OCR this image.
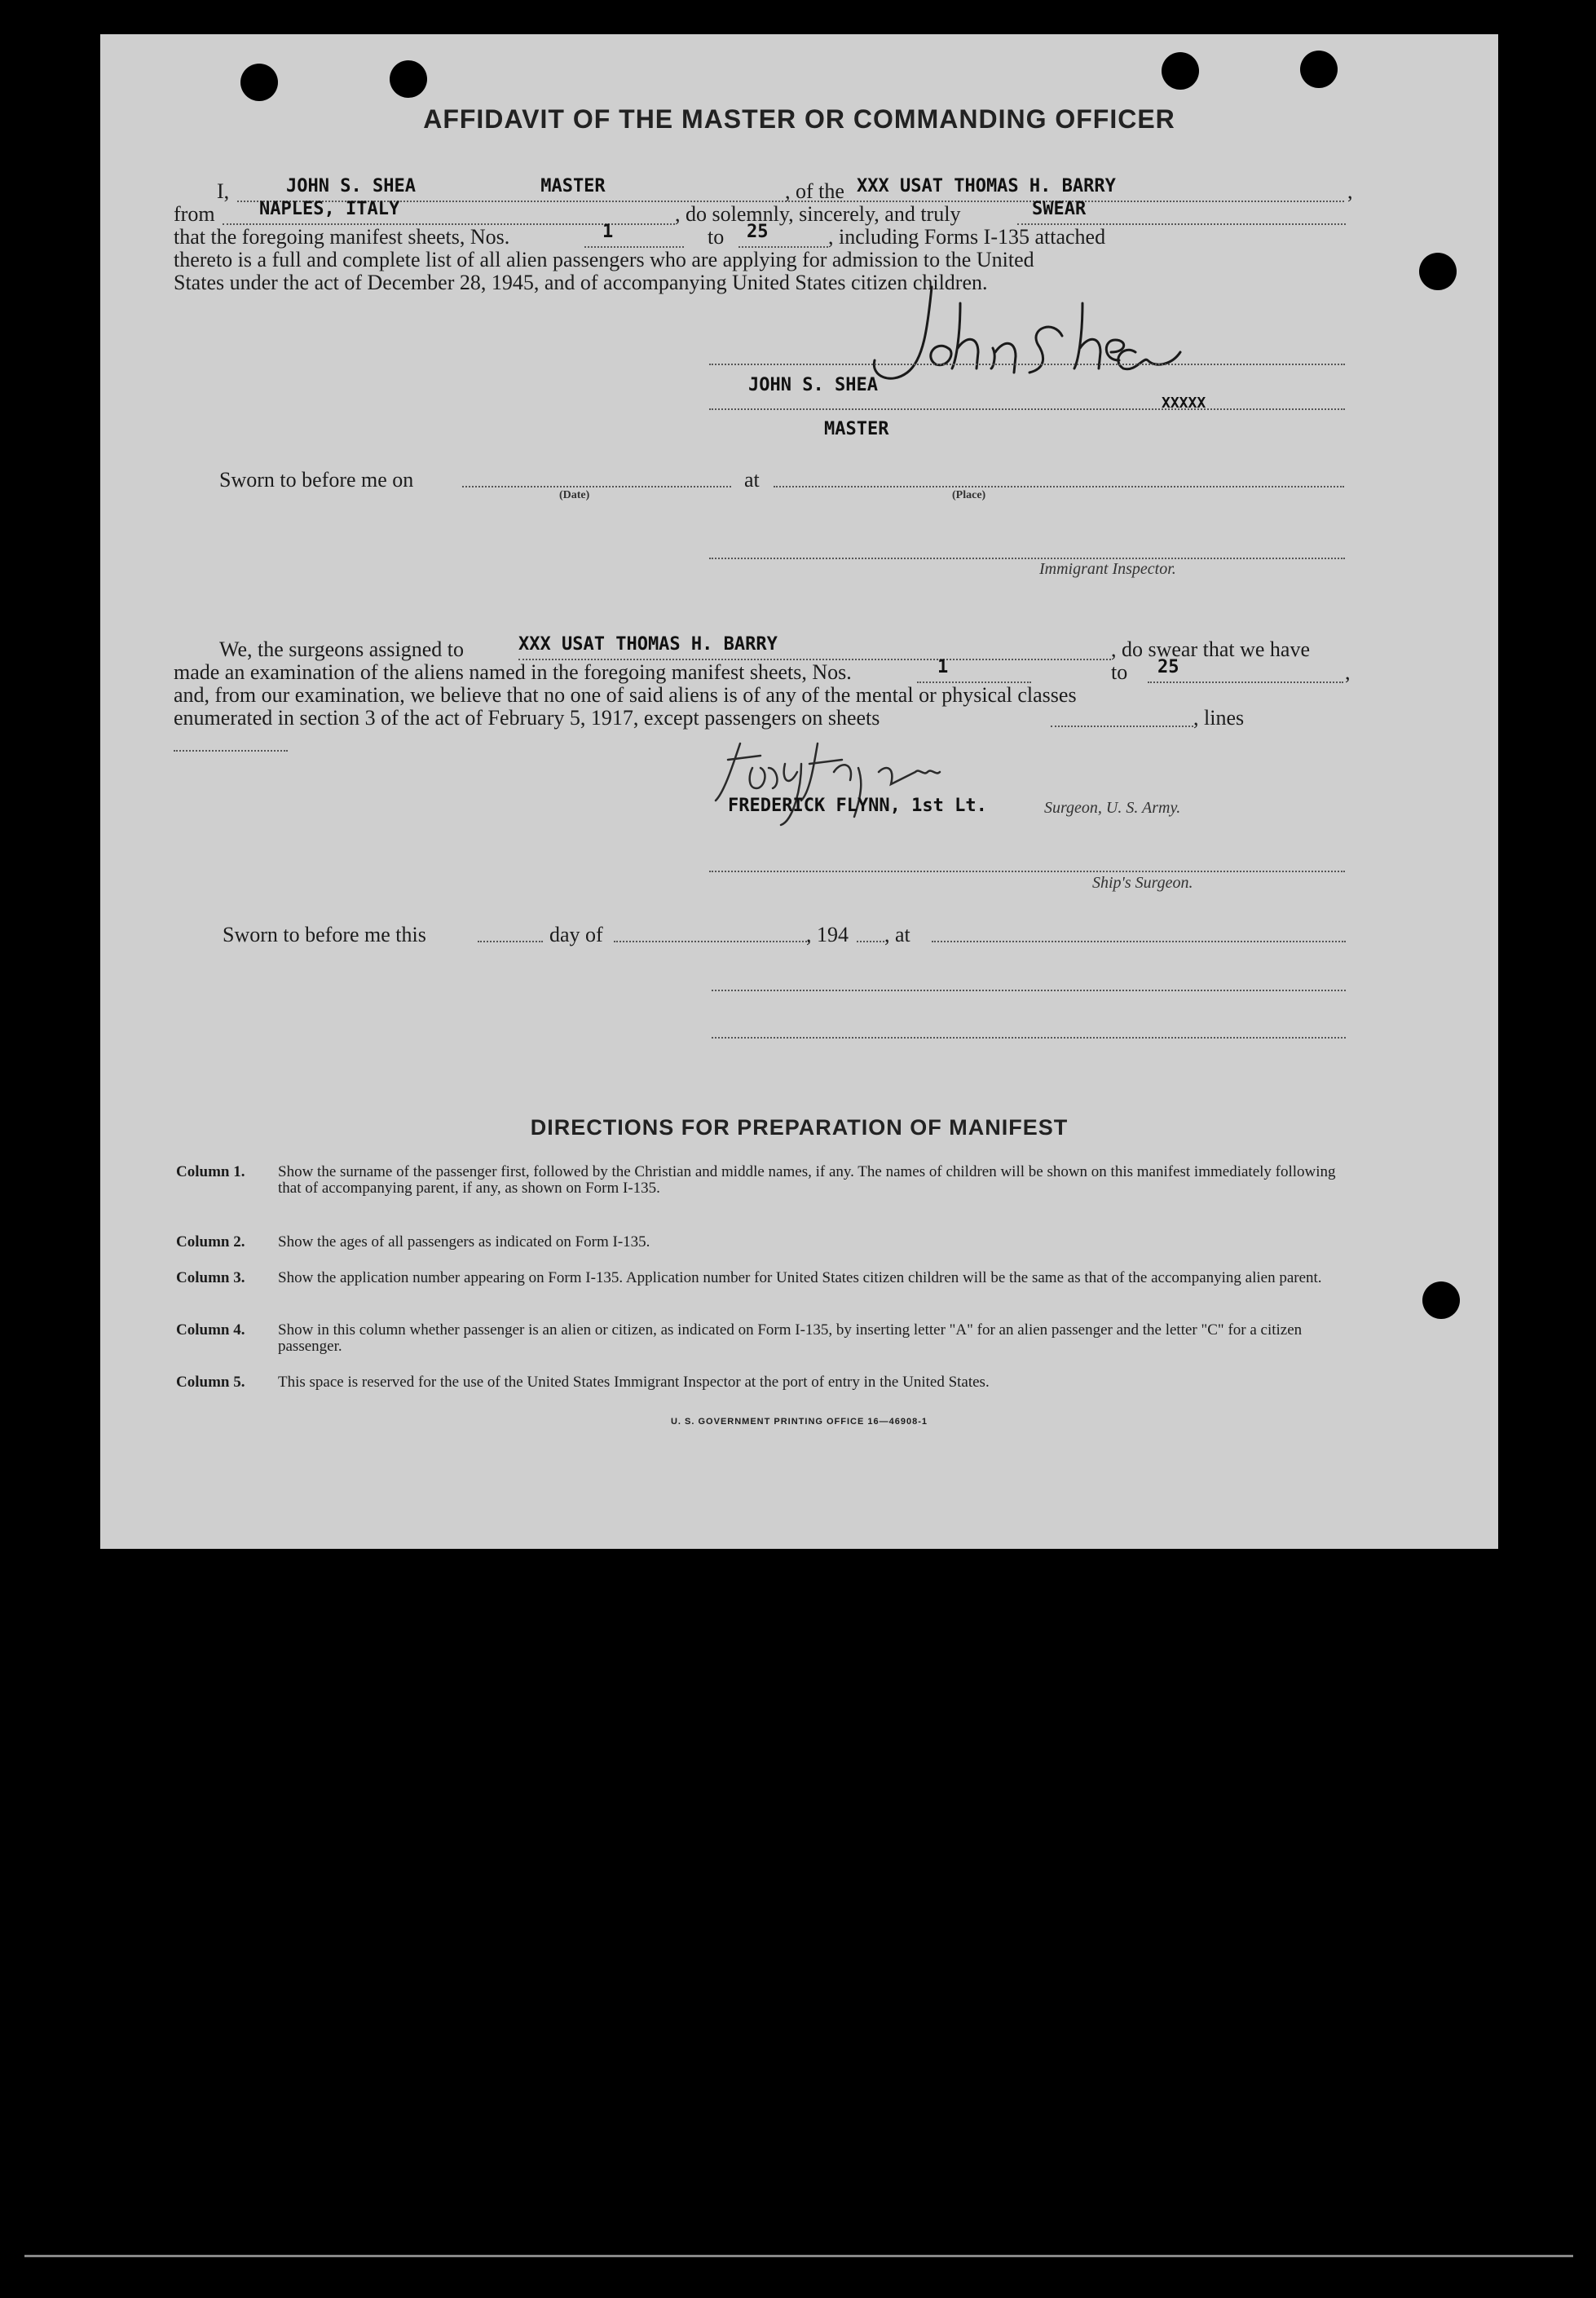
AFFIDAVIT OF THE MASTER OR COMMANDING OFFICER
I,	JOHN S. SHEA	MASTER	, of the XXX USAT THOMAS H. BARRY	,
from	NAPLES, ITALY	, do solemnly, sincerely, and truly	SWEAR
that the foregoing manifest sheets, Nos.	1	to	25	, including Forms I-135 attached
thereto is a full and complete list of all alien passengers who are applying for admission to the United
States under the act of December 28, 1945, and of accompanying United States citizen children.
JOHN S. SHEA
XXXXX
MASTER
Sworn to before me on
(Date)
at
(Place)
Immigrant Inspector.
We, the surgeons assigned to	XXX USAT THOMAS H. BARRY	, do swear that we have
made an examination of the aliens named in the foregoing manifest sheets, Nos.	1	to	25	,
and, from our examination, we believe that no one of said aliens is of any of the mental or physical classes
enumerated in section 3 of the act of February 5, 1917, except passengers on sheets	, lines
FREDERICK FLYNN, 1st Lt.	Surgeon, U. S. Army.
Ship's Surgeon.
Sworn to before me this	day of	, 194 , at
DIRECTIONS FOR PREPARATION OF MANIFEST
Column 1. Show the surname of the passenger first, followed by the Christian and middle names, if any. The names of children will be shown on this manifest immediately following that of accompanying parent, if any, as shown on Form I-135.
Column 2. Show the ages of all passengers as indicated on Form I-135.
Column 3. Show the application number appearing on Form I-135. Application number for United States citizen children will be the same as that of the accompanying alien parent.
Column 4. Show in this column whether passenger is an alien or citizen, as indicated on Form I-135, by inserting letter "A" for an alien passenger and the letter "C" for a citizen passenger.
Column 5. This space is reserved for the use of the United States Immigrant Inspector at the port of entry in the United States.
U. S. GOVERNMENT PRINTING OFFICE 16—46908-1
